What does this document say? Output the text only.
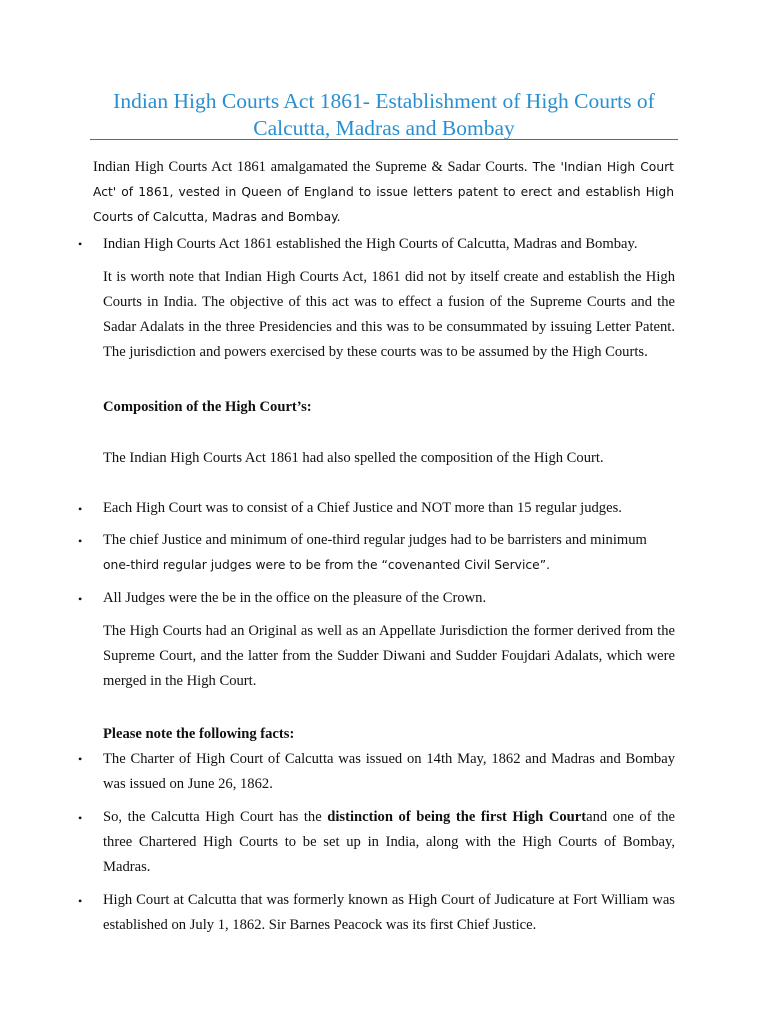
Indian High Courts Act 1861- Establishment of High Courts of Calcutta, Madras and Bombay
Indian High Courts Act 1861 amalgamated the Supreme & Sadar Courts. The 'Indian High Court Act' of 1861, vested in Queen of England to issue letters patent to erect and establish High Courts of Calcutta, Madras and Bombay.
• Indian High Courts Act 1861 established the High Courts of Calcutta, Madras and Bombay.
It is worth note that Indian High Courts Act, 1861 did not by itself create and establish the High Courts in India. The objective of this act was to effect a fusion of the Supreme Courts and the Sadar Adalats in the three Presidencies and this was to be consummated by issuing Letter Patent. The jurisdiction and powers exercised by these courts was to be assumed by the High Courts.
Composition of the High Court’s:
The Indian High Courts Act 1861 had also spelled the composition of the High Court.
• Each High Court was to consist of a Chief Justice and NOT more than 15 regular judges.
• The chief Justice and minimum of one-third regular judges had to be barristers and minimum
one-third regular judges were to be from the “covenanted Civil Service”.
• All Judges were the be in the office on the pleasure of the Crown.
The High Courts had an Original as well as an Appellate Jurisdiction the former derived from the Supreme Court, and the latter from the Sudder Diwani and Sudder Foujdari Adalats, which were merged in the High Court.
Please note the following facts:
• The Charter of High Court of Calcutta was issued on 14th May, 1862 and Madras and Bombay was issued on June 26, 1862.
• So, the Calcutta High Court has the distinction of being the first High Courtand one of the three Chartered High Courts to be set up in India, along with the High Courts of Bombay, Madras.
• High Court at Calcutta that was formerly known as High Court of Judicature at Fort William was established on July 1, 1862. Sir Barnes Peacock was its first Chief Justice.
